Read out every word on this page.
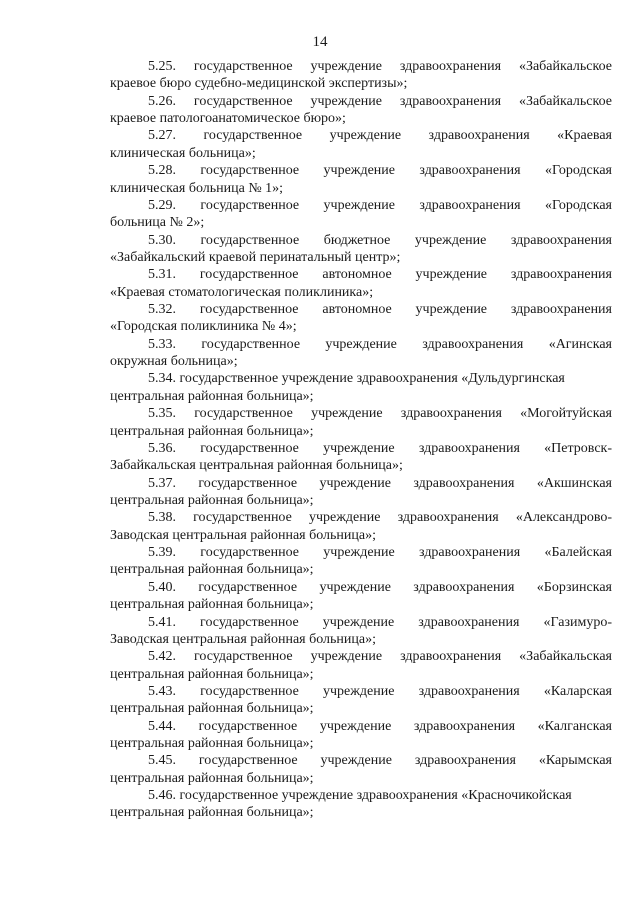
14
5.25. государственное учреждение здравоохранения «Забайкальское
краевое бюро судебно-медицинской экспертизы»;
5.26. государственное учреждение здравоохранения «Забайкальское
краевое патологоанатомическое бюро»;
5.27. государственное учреждение здравоохранения «Краевая
клиническая больница»;
5.28. государственное учреждение здравоохранения «Городская
клиническая больница № 1»;
5.29. государственное учреждение здравоохранения «Городская
больница № 2»;
5.30. государственное бюджетное учреждение здравоохранения
«Забайкальский краевой перинатальный центр»;
5.31. государственное автономное учреждение здравоохранения
«Краевая стоматологическая поликлиника»;
5.32. государственное автономное учреждение здравоохранения
«Городская поликлиника № 4»;
5.33. государственное учреждение здравоохранения «Агинская
окружная больница»;
5.34. государственное учреждение здравоохранения «Дульдургинская
центральная районная больница»;
5.35. государственное учреждение здравоохранения «Могойтуйская
центральная районная больница»;
5.36. государственное учреждение здравоохранения «Петровск-
Забайкальская центральная районная больница»;
5.37. государственное учреждение здравоохранения «Акшинская
центральная районная больница»;
5.38. государственное учреждение здравоохранения «Александрово-
Заводская центральная районная больница»;
5.39. государственное учреждение здравоохранения «Балейская
центральная районная больница»;
5.40. государственное учреждение здравоохранения «Борзинская
центральная районная больница»;
5.41. государственное учреждение здравоохранения «Газимуро-
Заводская центральная районная больница»;
5.42. государственное учреждение здравоохранения «Забайкальская
центральная районная больница»;
5.43. государственное учреждение здравоохранения «Каларская
центральная районная больница»;
5.44. государственное учреждение здравоохранения «Калганская
центральная районная больница»;
5.45. государственное учреждение здравоохранения «Карымская
центральная районная больница»;
5.46. государственное учреждение здравоохранения «Красночикойская
центральная районная больница»;
